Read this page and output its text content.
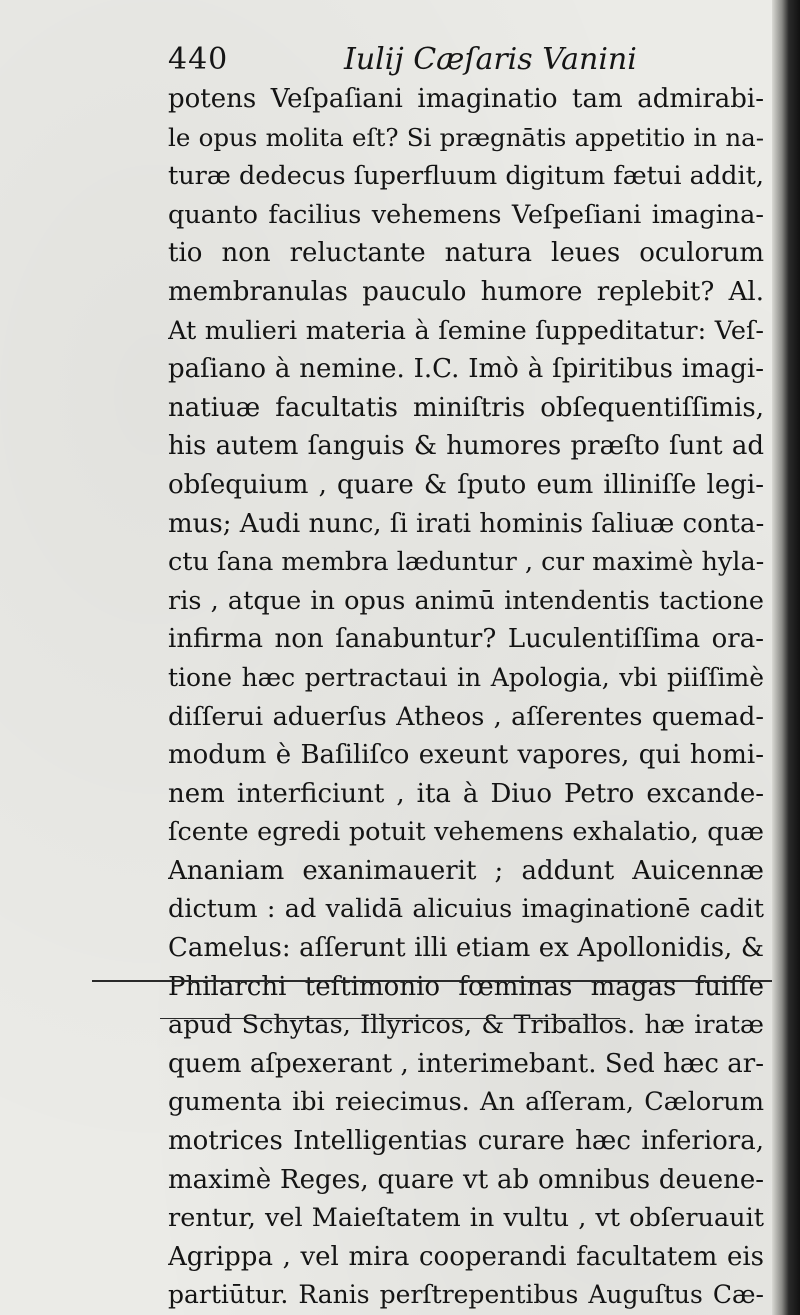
440	Iulij Cæſaris Vanini
potens Veſpaſiani imaginatio tam admirabi-
le opus molita eſt? Si prægnātis appetitio in na-
turæ dedecus ſuperfluum digitum fætui addit,
quanto facilius vehemens Veſpeſiani imagina-
tio non reluctante natura leues oculorum
membranulas pauculo humore replebit? Al.
At mulieri materia à ſemine ſuppeditatur: Veſ-
paſiano à nemine. I.C. Imò à ſpiritibus imagi-
natiuæ facultatis miniſtris obſequentiſſimis,
his autem ſanguis & humores præſto ſunt ad
obſequium , quare & ſputo eum illiniſſe legi-
mus; Audi nunc, ſi irati hominis ſaliuæ conta-
ctu ſana membra læduntur , cur maximè hyla-
ris , atque in opus animū intendentis tactione
infirma non ſanabuntur? Luculentiſſima ora-
tione hæc pertractaui in Apologia, vbi piiſſimè
diſſerui aduerſus Atheos , aſſerentes quemad-
modum è Baſiliſco exeunt vapores, qui homi-
nem interficiunt , ita à Diuo Petro excande-
ſcente egredi potuit vehemens exhalatio, quæ
Ananiam exanimauerit ; addunt Auicennæ
dictum : ad validā alicuius imaginationē cadit
Camelus: aſſerunt illi etiam ex Apollonidis, &
Philarchi teſtimonio fœminas magas fuiſſe
apud Schytas, Illyricos, & Triballos. hæ iratæ
quem aſpexerant , interimebant. Sed hæc ar-
gumenta ibi reiecimus. An aſſeram, Cælorum
motrices Intelligentias curare hæc inferiora,
maximè Reges, quare vt ab omnibus deuene-
rentur, vel Maieſtatem in vultu , vt obſeruauit
Agrippa , vel mira cooperandi facultatem eis
partiūtur. Ranis perſtrepentibus Auguſtus Cæ-
